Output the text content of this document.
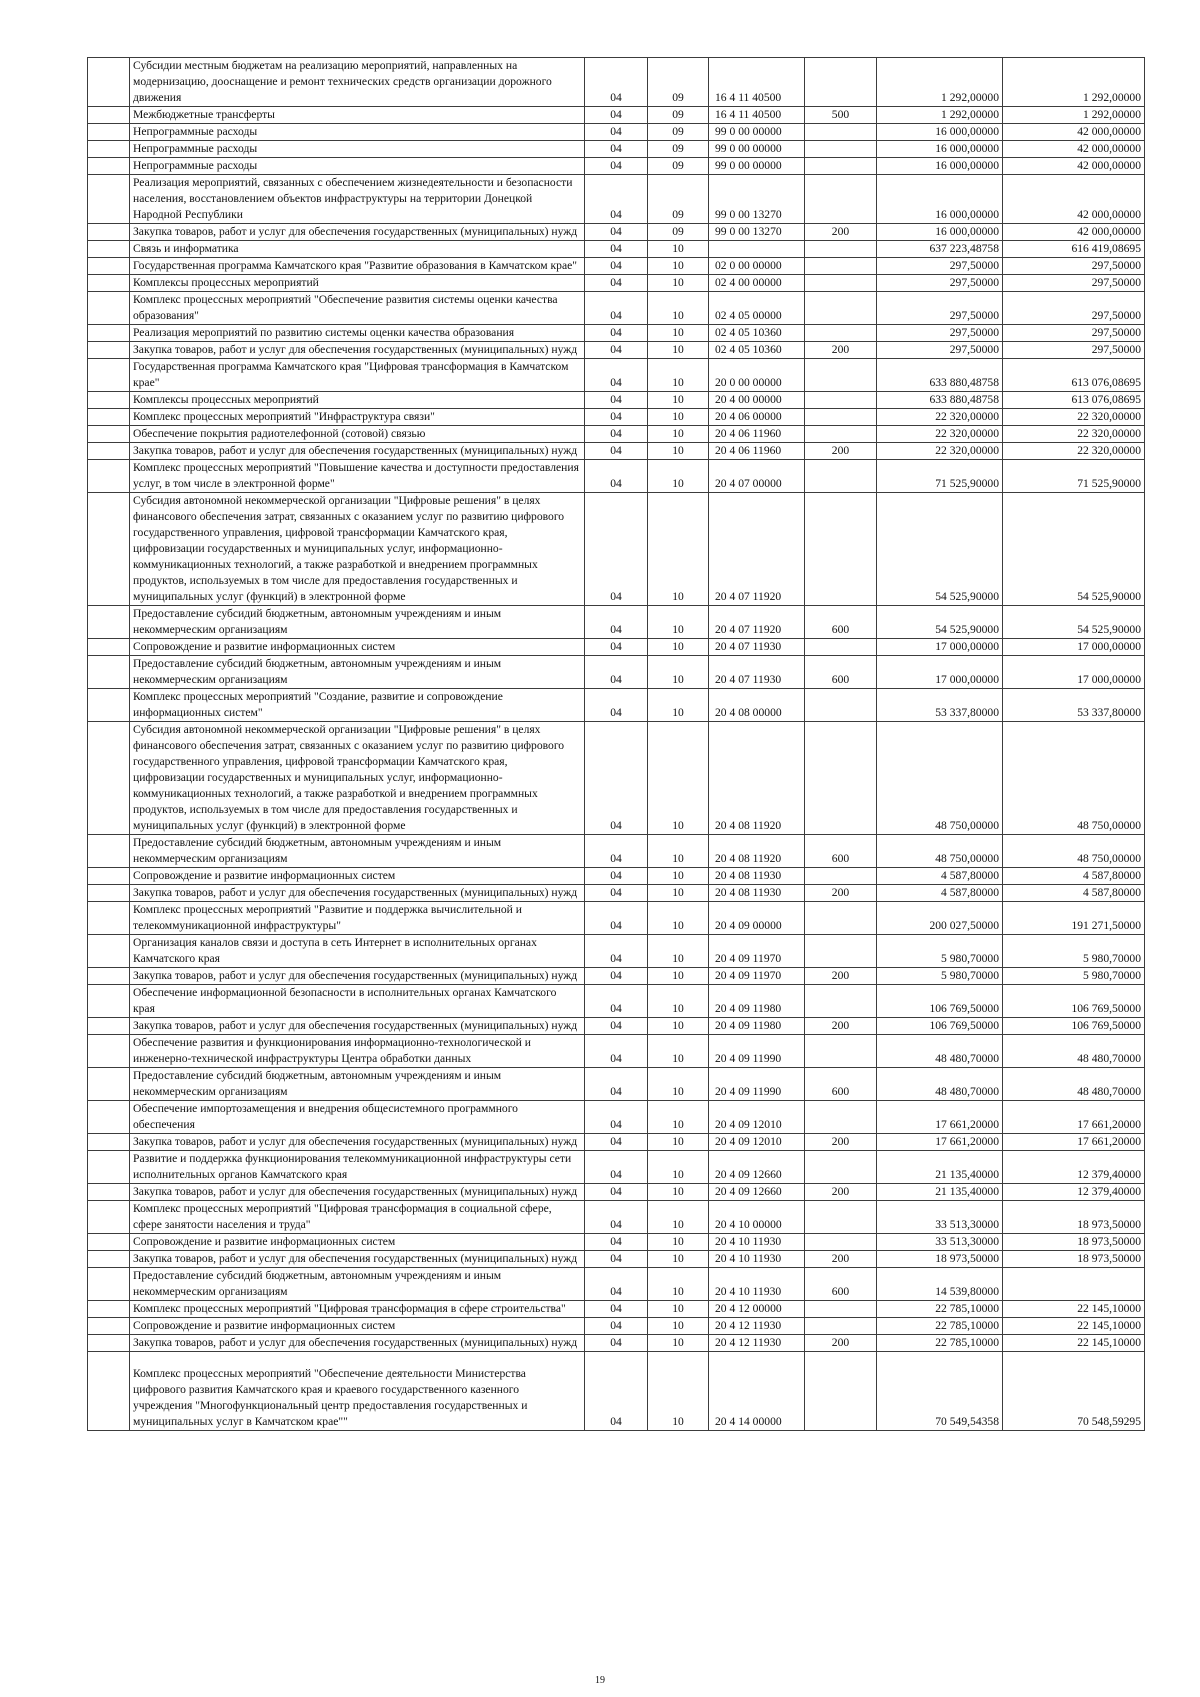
	Субсидии местным бюджетам на реализацию мероприятий, направленных на модернизацию, дооснащение и ремонт технических средств организации дорожного движения	04	09	16 4 11 40500		1 292,00000	1 292,00000
	Межбюджетные трансферты	04	09	16 4 11 40500	500	1 292,00000	1 292,00000
	Непрограммные расходы	04	09	99 0 00 00000		16 000,00000	42 000,00000
	Непрограммные расходы	04	09	99 0 00 00000		16 000,00000	42 000,00000
	Непрограммные расходы	04	09	99 0 00 00000		16 000,00000	42 000,00000
	Реализация мероприятий, связанных с обеспечением жизнедеятельности и безопасности населения, восстановлением объектов инфраструктуры на территории Донецкой Народной Республики	04	09	99 0 00 13270		16 000,00000	42 000,00000
	Закупка товаров, работ и услуг для обеспечения государственных (муниципальных) нужд	04	09	99 0 00 13270	200	16 000,00000	42 000,00000
	Связь и информатика	04	10			637 223,48758	616 419,08695
	Государственная программа Камчатского края "Развитие образования в Камчатском крае"	04	10	02 0 00 00000		297,50000	297,50000
	Комплексы процессных мероприятий	04	10	02 4 00 00000		297,50000	297,50000
	Комплекс процессных мероприятий "Обеспечение развития системы оценки качества образования"	04	10	02 4 05 00000		297,50000	297,50000
	Реализация мероприятий по развитию системы оценки качества образования	04	10	02 4 05 10360		297,50000	297,50000
	Закупка товаров, работ и услуг для обеспечения государственных (муниципальных) нужд	04	10	02 4 05 10360	200	297,50000	297,50000
	Государственная программа Камчатского края "Цифровая трансформация в Камчатском крае"	04	10	20 0 00 00000		633 880,48758	613 076,08695
	Комплексы процессных мероприятий	04	10	20 4 00 00000		633 880,48758	613 076,08695
	Комплекс процессных мероприятий "Инфраструктура связи"	04	10	20 4 06 00000		22 320,00000	22 320,00000
	Обеспечение покрытия радиотелефонной (сотовой) связью	04	10	20 4 06 11960		22 320,00000	22 320,00000
	Закупка товаров, работ и услуг для обеспечения государственных (муниципальных) нужд	04	10	20 4 06 11960	200	22 320,00000	22 320,00000
	Комплекс процессных мероприятий "Повышение качества и доступности предоставления услуг, в том числе в электронной форме"	04	10	20 4 07 00000		71 525,90000	71 525,90000
	Субсидия автономной некоммерческой организации "Цифровые решения" в целях финансового обеспечения затрат, связанных с оказанием услуг по развитию цифрового государственного управления, цифровой трансформации Камчатского края, цифровизации государственных и муниципальных услуг, информационно-коммуникационных технологий, а также разработкой и внедрением программных продуктов, используемых в том числе для предоставления государственных и муниципальных услуг (функций) в электронной форме	04	10	20 4 07 11920		54 525,90000	54 525,90000
	Предоставление субсидий бюджетным, автономным учреждениям и иным некоммерческим организациям	04	10	20 4 07 11920	600	54 525,90000	54 525,90000
	Сопровождение и развитие информационных систем	04	10	20 4 07 11930		17 000,00000	17 000,00000
	Предоставление субсидий бюджетным, автономным учреждениям и иным некоммерческим организациям	04	10	20 4 07 11930	600	17 000,00000	17 000,00000
	Комплекс процессных мероприятий "Создание, развитие и сопровождение информационных систем"	04	10	20 4 08 00000		53 337,80000	53 337,80000
	Субсидия автономной некоммерческой организации "Цифровые решения" в целях финансового обеспечения затрат, связанных с оказанием услуг по развитию цифрового государственного управления, цифровой трансформации Камчатского края, цифровизации государственных и муниципальных услуг, информационно-коммуникационных технологий, а также разработкой и внедрением программных продуктов, используемых в том числе для предоставления государственных и муниципальных услуг (функций) в электронной форме	04	10	20 4 08 11920		48 750,00000	48 750,00000
	Предоставление субсидий бюджетным, автономным учреждениям и иным некоммерческим организациям	04	10	20 4 08 11920	600	48 750,00000	48 750,00000
	Сопровождение и развитие информационных систем	04	10	20 4 08 11930		4 587,80000	4 587,80000
	Закупка товаров, работ и услуг для обеспечения государственных (муниципальных) нужд	04	10	20 4 08 11930	200	4 587,80000	4 587,80000
	Комплекс процессных мероприятий "Развитие и поддержка вычислительной и телекоммуникационной инфраструктуры"	04	10	20 4 09 00000		200 027,50000	191 271,50000
	Организация каналов связи и доступа в сеть Интернет в исполнительных органах Камчатского края	04	10	20 4 09 11970		5 980,70000	5 980,70000
	Закупка товаров, работ и услуг для обеспечения государственных (муниципальных) нужд	04	10	20 4 09 11970	200	5 980,70000	5 980,70000
	Обеспечение информационной безопасности в исполнительных органах Камчатского края	04	10	20 4 09 11980		106 769,50000	106 769,50000
	Закупка товаров, работ и услуг для обеспечения государственных (муниципальных) нужд	04	10	20 4 09 11980	200	106 769,50000	106 769,50000
	Обеспечение развития и функционирования информационно-технологической и инженерно-технической инфраструктуры Центра обработки данных	04	10	20 4 09 11990		48 480,70000	48 480,70000
	Предоставление субсидий бюджетным, автономным учреждениям и иным некоммерческим организациям	04	10	20 4 09 11990	600	48 480,70000	48 480,70000
	Обеспечение импортозамещения и внедрения общесистемного программного обеспечения	04	10	20 4 09 12010		17 661,20000	17 661,20000
	Закупка товаров, работ и услуг для обеспечения государственных (муниципальных) нужд	04	10	20 4 09 12010	200	17 661,20000	17 661,20000
	Развитие и поддержка функционирования телекоммуникационной инфраструктуры сети исполнительных органов Камчатского края	04	10	20 4 09 12660		21 135,40000	12 379,40000
	Закупка товаров, работ и услуг для обеспечения государственных (муниципальных) нужд	04	10	20 4 09 12660	200	21 135,40000	12 379,40000
	Комплекс процессных мероприятий "Цифровая трансформация в социальной сфере, сфере занятости населения и труда"	04	10	20 4 10 00000		33 513,30000	18 973,50000
	Сопровождение и развитие информационных систем	04	10	20 4 10 11930		33 513,30000	18 973,50000
	Закупка товаров, работ и услуг для обеспечения государственных (муниципальных) нужд	04	10	20 4 10 11930	200	18 973,50000	18 973,50000
	Предоставление субсидий бюджетным, автономным учреждениям и иным некоммерческим организациям	04	10	20 4 10 11930	600	14 539,80000	
	Комплекс процессных мероприятий "Цифровая трансформация в сфере строительства"	04	10	20 4 12 00000		22 785,10000	22 145,10000
	Сопровождение и развитие информационных систем	04	10	20 4 12 11930		22 785,10000	22 145,10000
	Закупка товаров, работ и услуг для обеспечения государственных (муниципальных) нужд	04	10	20 4 12 11930	200	22 785,10000	22 145,10000
	Комплекс процессных мероприятий "Обеспечение деятельности Министерства цифрового развития Камчатского края и краевого государственного казенного учреждения "Многофункциональный центр предоставления государственных и муниципальных услуг в Камчатском крае""	04	10	20 4 14 00000		70 549,54358	70 548,59295
19
